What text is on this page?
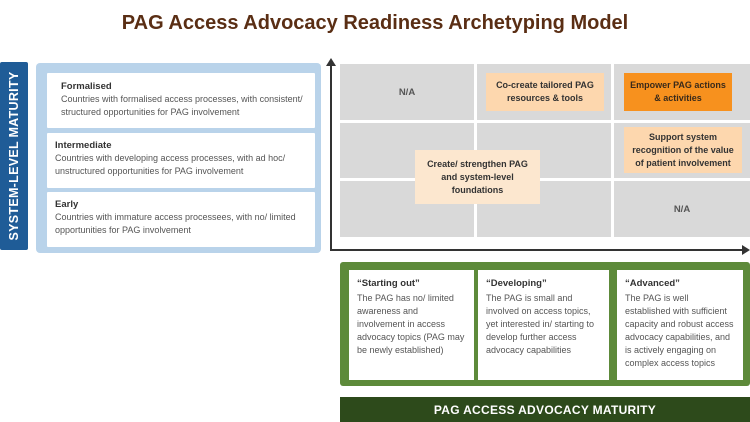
PAG Access Advocacy Readiness Archetyping Model
SYSTEM-LEVEL MATURITY	Formalised
Countries with formalised access processes, with consistent/ structured opportunities for PAG involvement
Intermediate
Countries with developing access processes, with ad hoc/ unstructured opportunities for PAG involvement
Early
Countries with immature access processees, with no/ limited opportunities for PAG involvement
N/A
N/A
Co-create tailored PAG resources & tools
Empower PAG actions & activities
Support system recognition of the value of patient involvement
Create/ strengthen PAG and system-level foundations
“Starting out”
The PAG has no/ limited awareness and involvement in access advocacy topics (PAG may be newly established)
“Developing”
The PAG is small and involved on access topics, yet interested in/ starting to develop further access advocacy capabilities
“Advanced”
The PAG is well established with sufficient capacity and robust access advocacy capabilities, and is actively engaging on complex access topics
PAG ACCESS ADVOCACY MATURITY
